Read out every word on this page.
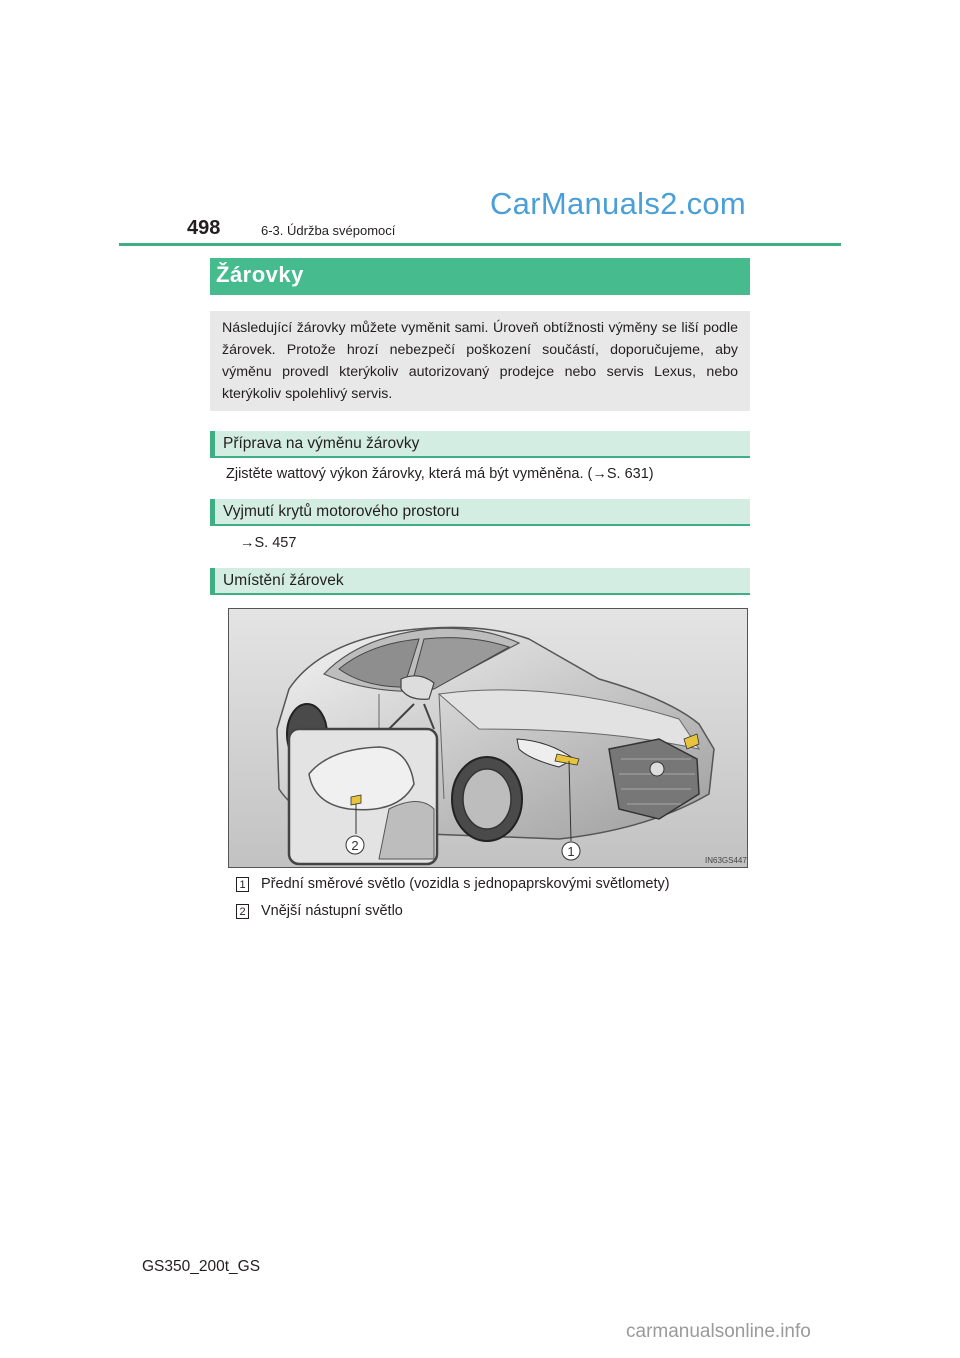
498	6-3. Údržba svépomocí
CarManuals2.com
Žárovky
Následující žárovky můžete vyměnit sami. Úroveň obtížnosti výměny se liší podle žárovek. Protože hrozí nebezpečí poškození součástí, doporučujeme, aby výměnu provedl kterýkoliv autorizovaný prodejce nebo servis Lexus, nebo kterýkoliv spolehlivý servis.
Příprava na výměnu žárovky
Zjistěte wattový výkon žárovky, která má být vyměněna. (→S. 631)
Vyjmutí krytů motorového prostoru
→S. 457
Umístění žárovek
2	1
IN63GS447
1 Přední směrové světlo (vozidla s jednopaprskovými světlomety)
2 Vnější nástupní světlo
GS350_200t_GS
carmanualsonline.info
